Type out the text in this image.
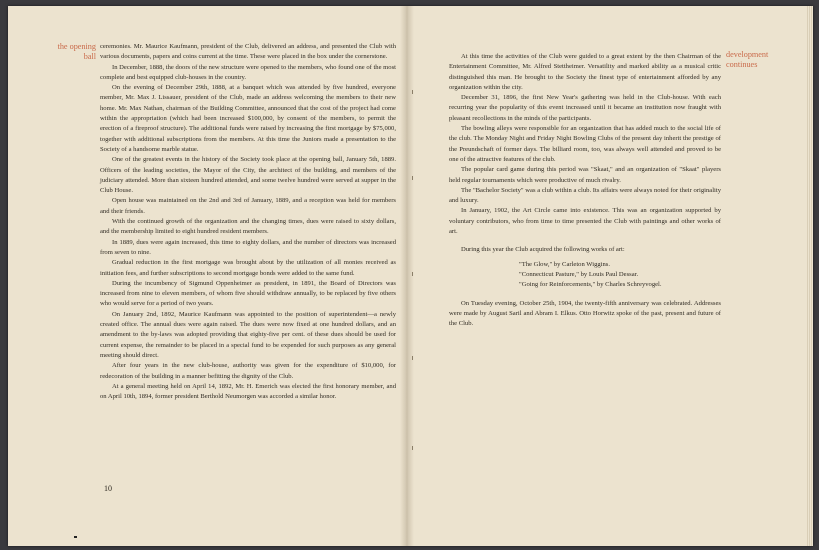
the opening
ball

ceremonies. Mr. Maurice Kaufmann, president of the Club, delivered an address, and presented the Club with various documents, papers and coins current at the time. These were placed in the box under the cornerstone.

In December, 1888, the doors of the new structure were opened to the members, who found one of the most complete and best equipped club-houses in the country.

On the evening of December 29th, 1888, at a banquet which was attended by five hundred, everyone member, Mr. Max J. Lissauer, president of the Club, made an address welcoming the members to their new home. Mr. Max Nathan, chairman of the Building Committee, announced that the cost of the project had come within the appropriation (which had been increased $100,000, by consent of the members, to permit the erection of a fireproof structure). The additional funds were raised by increasing the first mortgage by $75,000, together with additional subscriptions from the members. At this time the Juniors made a presentation to the Society of a handsome marble statue.

One of the greatest events in the history of the Society took place at the opening ball, January 5th, 1889. Officers of the leading societies, the Mayor of the City, the architect of the building, and members of the judiciary attended. More than sixteen hundred attended, and some twelve hundred were served at supper in the Club House.

Open house was maintained on the 2nd and 3rd of January, 1889, and a reception was held for members and their friends.

With the continued growth of the organization and the changing times, dues were raised to sixty dollars, and the membership limited to eight hundred resident members.

In 1889, dues were again increased, this time to eighty dollars, and the number of directors was increased from seven to nine.

Gradual reduction in the first mortgage was brought about by the utilization of all monies received as initiation fees, and further subscriptions to second mortgage bonds were added to the same fund.

During the incumbency of Sigmund Oppenheimer as president, in 1891, the Board of Directors was increased from nine to eleven members, of whom five should withdraw annually, to be replaced by five others who would serve for a period of two years.

On January 2nd, 1892, Maurice Kaufmann was appointed to the position of superintendent—a newly created office. The annual dues were again raised. The dues were now fixed at one hundred dollars, and an amendment to the by-laws was adopted providing that eighty-five per cent. of these dues should be used for current expense, the remainder to be placed in a special fund to be expended for such purposes as any general meeting should direct.

After four years in the new club-house, authority was given for the expenditure of $10,000, for redecoration of the building in a manner befitting the dignity of the Club.

At a general meeting held on April 14, 1892, Mr. H. Emerich was elected the first honorary member, and on April 10th, 1894, former president Berthold Neumorgen was accorded a similar honor.

10
development
continues

At this time the activities of the Club were guided to a great extent by the then Chairman of the Entertainment Committee, Mr. Alfred Stettheimer. Versatility and marked ability as a musical critic distinguished this man. He brought to the Society the finest type of entertainment afforded by any organization within the city.

December 31, 1896, the first New Year's gathering was held in the Club-house. With each recurring year the popularity of this event increased until it became an institution now fraught with pleasant recollections in the minds of the participants.

The bowling alleys were responsible for an organization that has added much to the social life of the club. The Monday Night and Friday Night Bowling Clubs of the present day inherit the prestige of the Preundschaft of former days. The billiard room, too, was always well attended and proved to be one of the attractive features of the club.

The popular card game during this period was "Skaat," and an organization of "Skaat" players held regular tournaments which were productive of much rivalry.

The "Bachelor Society" was a club within a club. Its affairs were always noted for their originality and luxury.

In January, 1902, the Art Circle came into existence. This was an organization supported by voluntary contributors, who from time to time presented the Club with paintings and other works of art.

During this year the Club acquired the following works of art:

"The Glow," by Carleton Wiggins.
"Connecticut Pasture," by Louis Paul Dessar.
"Going for Reinforcements," by Charles Schreyvogel.

On Tuesday evening, October 25th, 1904, the twenty-fifth anniversary was celebrated. Addresses were made by August Saril and Abram I. Elkus. Otto Horwitz spoke of the past, present and future of the Club.
